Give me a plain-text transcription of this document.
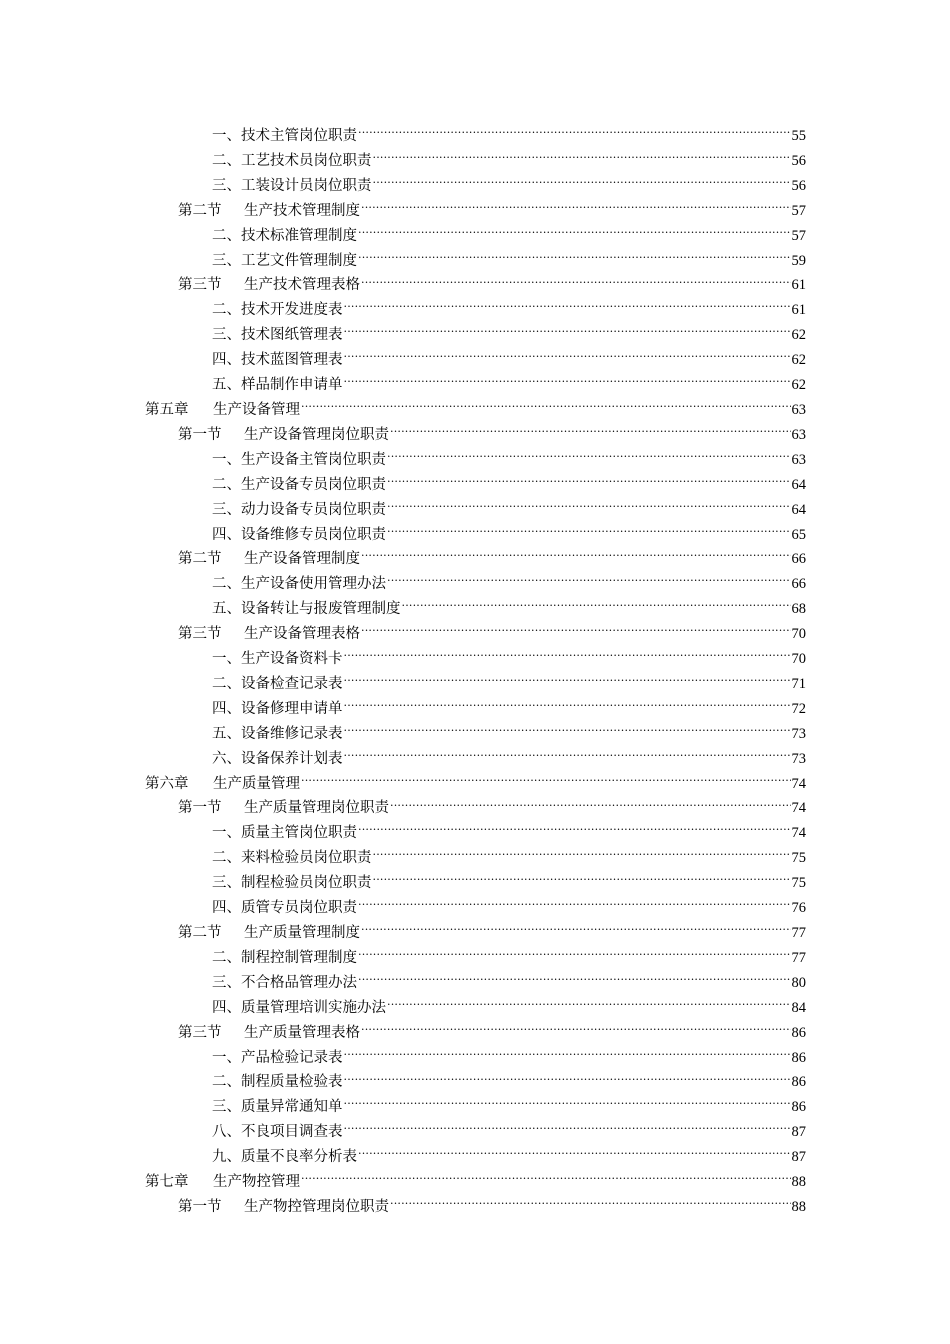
一、技术主管岗位职责 .....	55
二、工艺技术员岗位职责 .....	56
三、工装设计员岗位职责 .....	56
第二节	生产技术管理制度 .....	57
二、技术标准管理制度 .....	57
三、工艺文件管理制度 .....	59
第三节	生产技术管理表格 .....	61
二、技术开发进度表 .....	61
三、技术图纸管理表 .....	62
四、技术蓝图管理表 .....	62
五、样品制作申请单 .....	62
第五章	生产设备管理 .....	63
第一节	生产设备管理岗位职责 .....	63
一、生产设备主管岗位职责 .....	63
二、生产设备专员岗位职责 .....	64
三、动力设备专员岗位职责 .....	64
四、设备维修专员岗位职责 .....	65
第二节	生产设备管理制度 .....	66
二、生产设备使用管理办法 .....	66
五、设备转让与报废管理制度 .....	68
第三节	生产设备管理表格 .....	70
一、生产设备资料卡 .....	70
二、设备检查记录表 .....	71
四、设备修理申请单 .....	72
五、设备维修记录表 .....	73
六、设备保养计划表 .....	73
第六章	生产质量管理 .....	74
第一节	生产质量管理岗位职责 .....	74
一、质量主管岗位职责 .....	74
二、来料检验员岗位职责 .....	75
三、制程检验员岗位职责 .....	75
四、质管专员岗位职责 .....	76
第二节	生产质量管理制度 .....	77
二、制程控制管理制度 .....	77
三、不合格品管理办法 .....	80
四、质量管理培训实施办法 .....	84
第三节	生产质量管理表格 .....	86
一、产品检验记录表 .....	86
二、制程质量检验表 .....	86
三、质量异常通知单 .....	86
八、不良项目调查表 .....	87
九、质量不良率分析表 .....	87
第七章	生产物控管理 .....	88
第一节	生产物控管理岗位职责 .....	88
